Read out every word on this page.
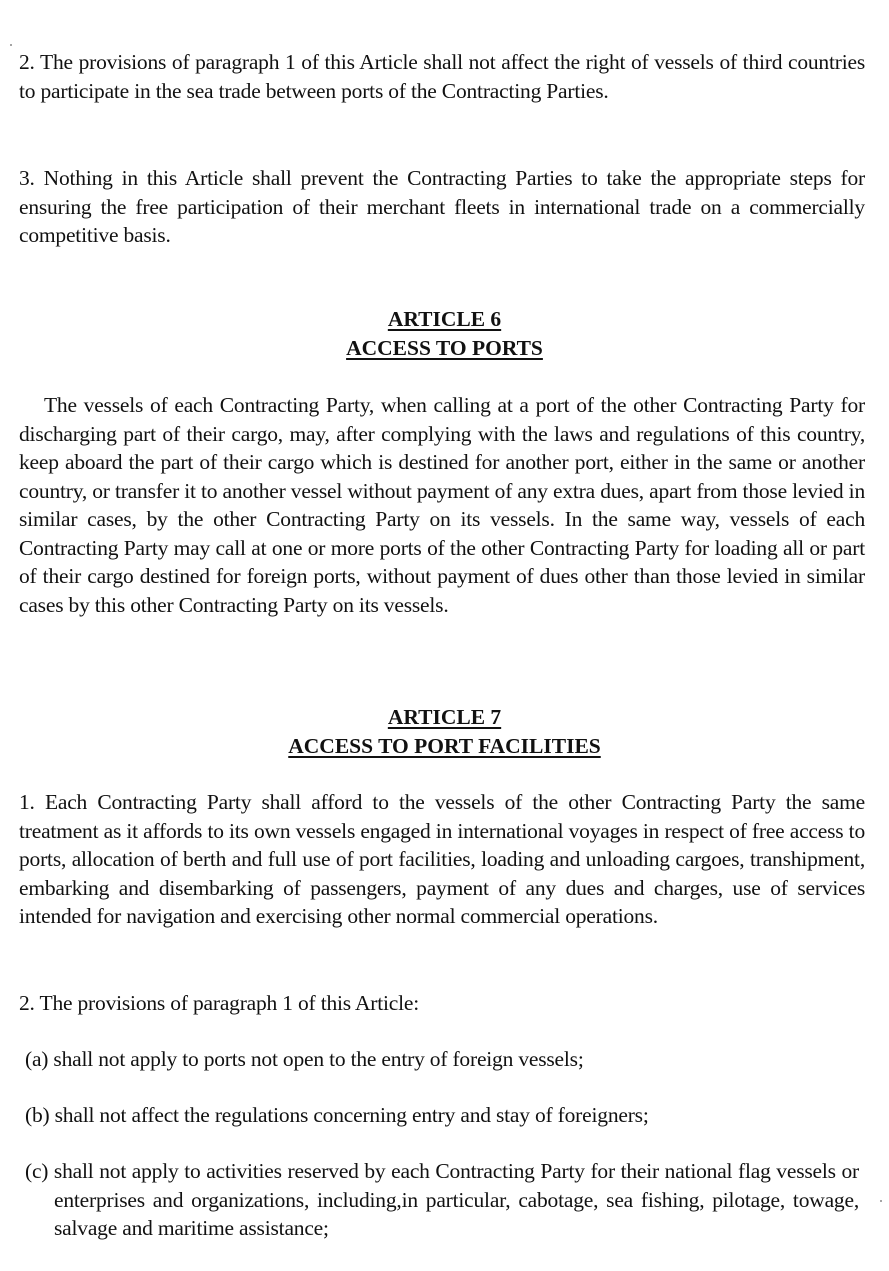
2. The provisions of paragraph 1 of this Article shall not affect the right of vessels of third countries to participate in the sea trade between ports of the Contracting Parties.

3. Nothing in this Article shall prevent the Contracting Parties to take the appropriate steps for ensuring the free participation of their merchant fleets in international trade on a commercially competitive basis.

ARTICLE 6
ACCESS TO PORTS

The vessels of each Contracting Party, when calling at a port of the other Contracting Party for discharging part of their cargo, may, after complying with the laws and regulations of this country, keep aboard the part of their cargo which is destined for another port, either in the same or another country, or transfer it to another vessel without payment of any extra dues, apart from those levied in similar cases, by the other Contracting Party on its vessels. In the same way, vessels of each Contracting Party may call at one or more ports of the other Contracting Party for loading all or part of their cargo destined for foreign ports, without payment of dues other than those levied in similar cases by this other Contracting Party on its vessels.

ARTICLE 7
ACCESS TO PORT FACILITIES

1. Each Contracting Party shall afford to the vessels of the other Contracting Party the same treatment as it affords to its own vessels engaged in international voyages in respect of free access to ports, allocation of berth and full use of port facilities, loading and unloading cargoes, transhipment, embarking and disembarking of passengers, payment of any dues and charges, use of services intended for navigation and exercising other normal commercial operations.

2. The provisions of paragraph 1 of this Article:

(a) shall not apply to ports not open to the entry of foreign vessels;

(b) shall not affect the regulations concerning entry and stay of foreigners;

(c) shall not apply to activities reserved by each Contracting Party for their national flag vessels or enterprises and organizations, including,in particular, cabotage, sea fishing, pilotage, towage, salvage and maritime assistance;
